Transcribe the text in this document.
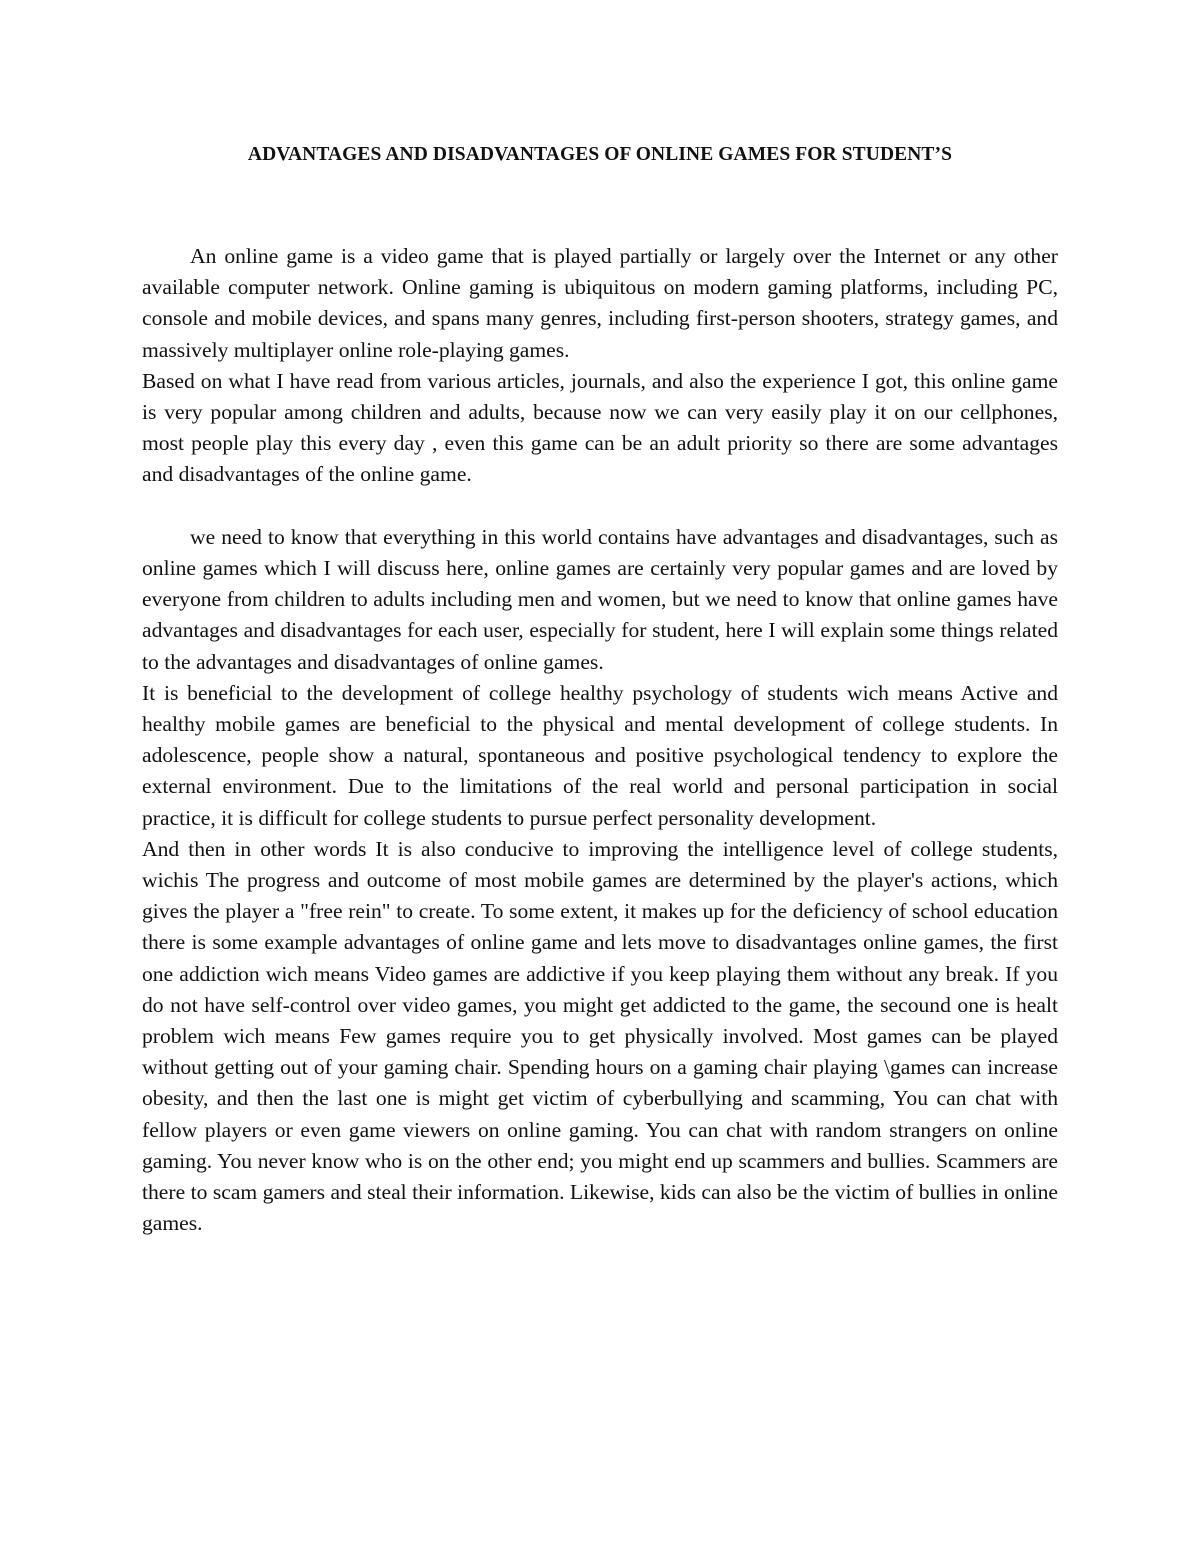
ADVANTAGES AND DISADVANTAGES OF ONLINE GAMES FOR STUDENT’S

An online game is a video game that is played partially or largely over the Internet or any other available computer network. Online gaming is ubiquitous on modern gaming platforms, including PC, console and mobile devices, and spans many genres, including first-person shooters, strategy games, and massively multiplayer online role-playing games.

Based on what I have read from various articles, journals, and also the experience I got, this online game is very popular among children and adults, because now we can very easily play it on our cellphones, most people play this every day , even this game can be an adult priority so there are some advantages and disadvantages of the online game.

we need to know that everything in this world contains have advantages and disadvantages, such as online games which I will discuss here, online games are certainly very popular games and are loved by everyone from children to adults including men and women, but we need to know that online games have advantages and disadvantages for each user, especially for student, here I will explain some things related to the advantages and disadvantages of online games.

It is beneficial to the development of college healthy psychology of students wich means Active and healthy mobile games are beneficial to the physical and mental development of college students. In adolescence, people show a natural, spontaneous and positive psychological tendency to explore the external environment. Due to the limitations of the real world and personal participation in social practice, it is difficult for college students to pursue perfect personality development.

And then in other words It is also conducive to improving the intelligence level of college students, wichis The progress and outcome of most mobile games are determined by the player's actions, which gives the player a "free rein" to create. To some extent, it makes up for the deficiency of school education there is some example advantages of online game and lets move to disadvantages online games, the first one addiction wich means Video games are addictive if you keep playing them without any break. If you do not have self-control over video games, you might get addicted to the game, the secound one is healt problem wich means Few games require you to get physically involved. Most games can be played without getting out of your gaming chair. Spending hours on a gaming chair playing \games can increase obesity, and then the last one is might get victim of cyberbullying and scamming, You can chat with fellow players or even game viewers on online gaming. You can chat with random strangers on online gaming. You never know who is on the other end; you might end up scammers and bullies. Scammers are there to scam gamers and steal their information. Likewise, kids can also be the victim of bullies in online games.
